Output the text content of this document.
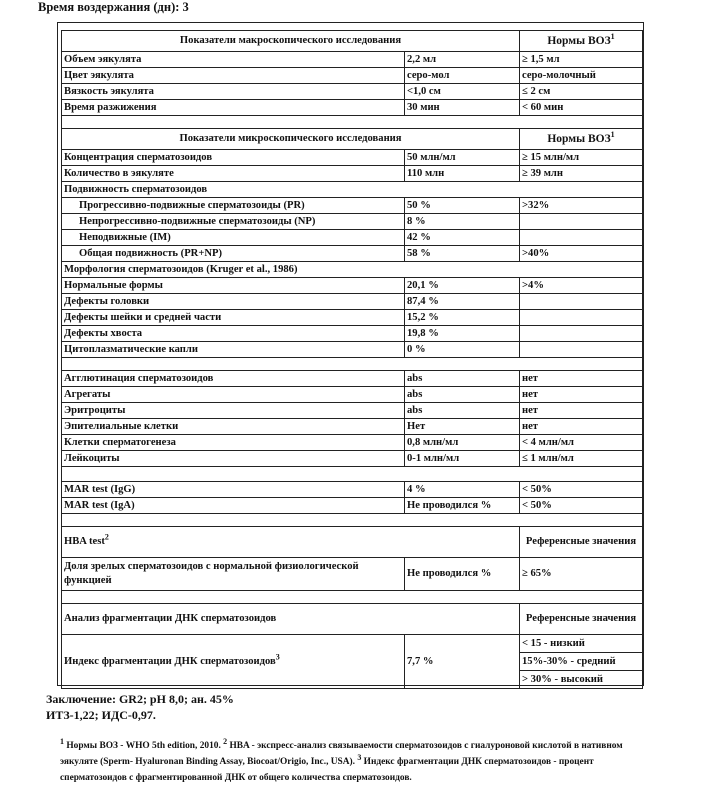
Время воздержания (дн): 3
Показатели макроскопического исследования		Нормы ВОЗ$^1$
Объем эякулята	2,2 мл	≥ 1,5 мл
Цвет эякулята	серо-мол	серо-молочный
Вязкость эякулята	<1,0 см	≤ 2 см
Время разжижения	30 мин	< 60 мин

Показатели микроскопического исследования		Нормы ВОЗ$^1$
Концентрация сперматозоидов	50 млн/мл	≥ 15 млн/мл
Количество в эякуляте	110 млн	≥ 39 млн
Подвижность сперматозоидов		
Прогрессивно-подвижные сперматозоиды (PR)	50 %	>32%
Непрогрессивно-подвижные сперматозоиды (NP)	8 %	
Неподвижные (IM)	42 %	
Общая подвижность (PR+NP)	58 %	>40%
Морфология сперматозоидов (Kruger et al., 1986)		
Нормальные формы	20,1 %	>4%
Дефекты головки	87,4 %	
Дефекты шейки и средней части	15,2 %	
Дефекты хвоста	19,8 %	
Цитоплазматические капли	0 %	

Агглютинация сперматозоидов	abs	нет
Агрегаты	abs	нет
Эритроциты	abs	нет
Эпителиальные клетки	Нет	нет
Клетки сперматогенеза	0,8 млн/мл	< 4 млн/мл
Лейкоциты	0-1 млн/мл	≤ 1 млн/мл

MAR test (IgG)	4 %	< 50%
MAR test (IgA)	Не проводился %	< 50%

HBA test$^2$		Референсные значения
Доля зрелых сперматозоидов с нормальной физиологической функцией	Не проводился %	≥ 65%

Анализ фрагментации ДНК сперматозоидов		Референсные значения
Индекс фрагментации ДНК сперматозоидов$^3$	7,7 %	< 15 - низкий
		15%-30% - средний
		> 30% - высокий
Заключение: GR2; pH 8,0; ан. 45%
ИТЗ-1,22; ИДС-0,97.
$^1$ Нормы ВОЗ - WHO 5th edition, 2010. $^2$ HBA - экспресс-анализ связываемости сперматозоидов с гиалуроновой кислотой в нативном эякуляте (Sperm- Hyaluronan Binding Assay, Biocoat/Origio, Inc., USA). $^3$ Индекс фрагментации ДНК сперматозоидов - процент сперматозоидов с фрагментированной ДНК от общего количества сперматозоидов.
